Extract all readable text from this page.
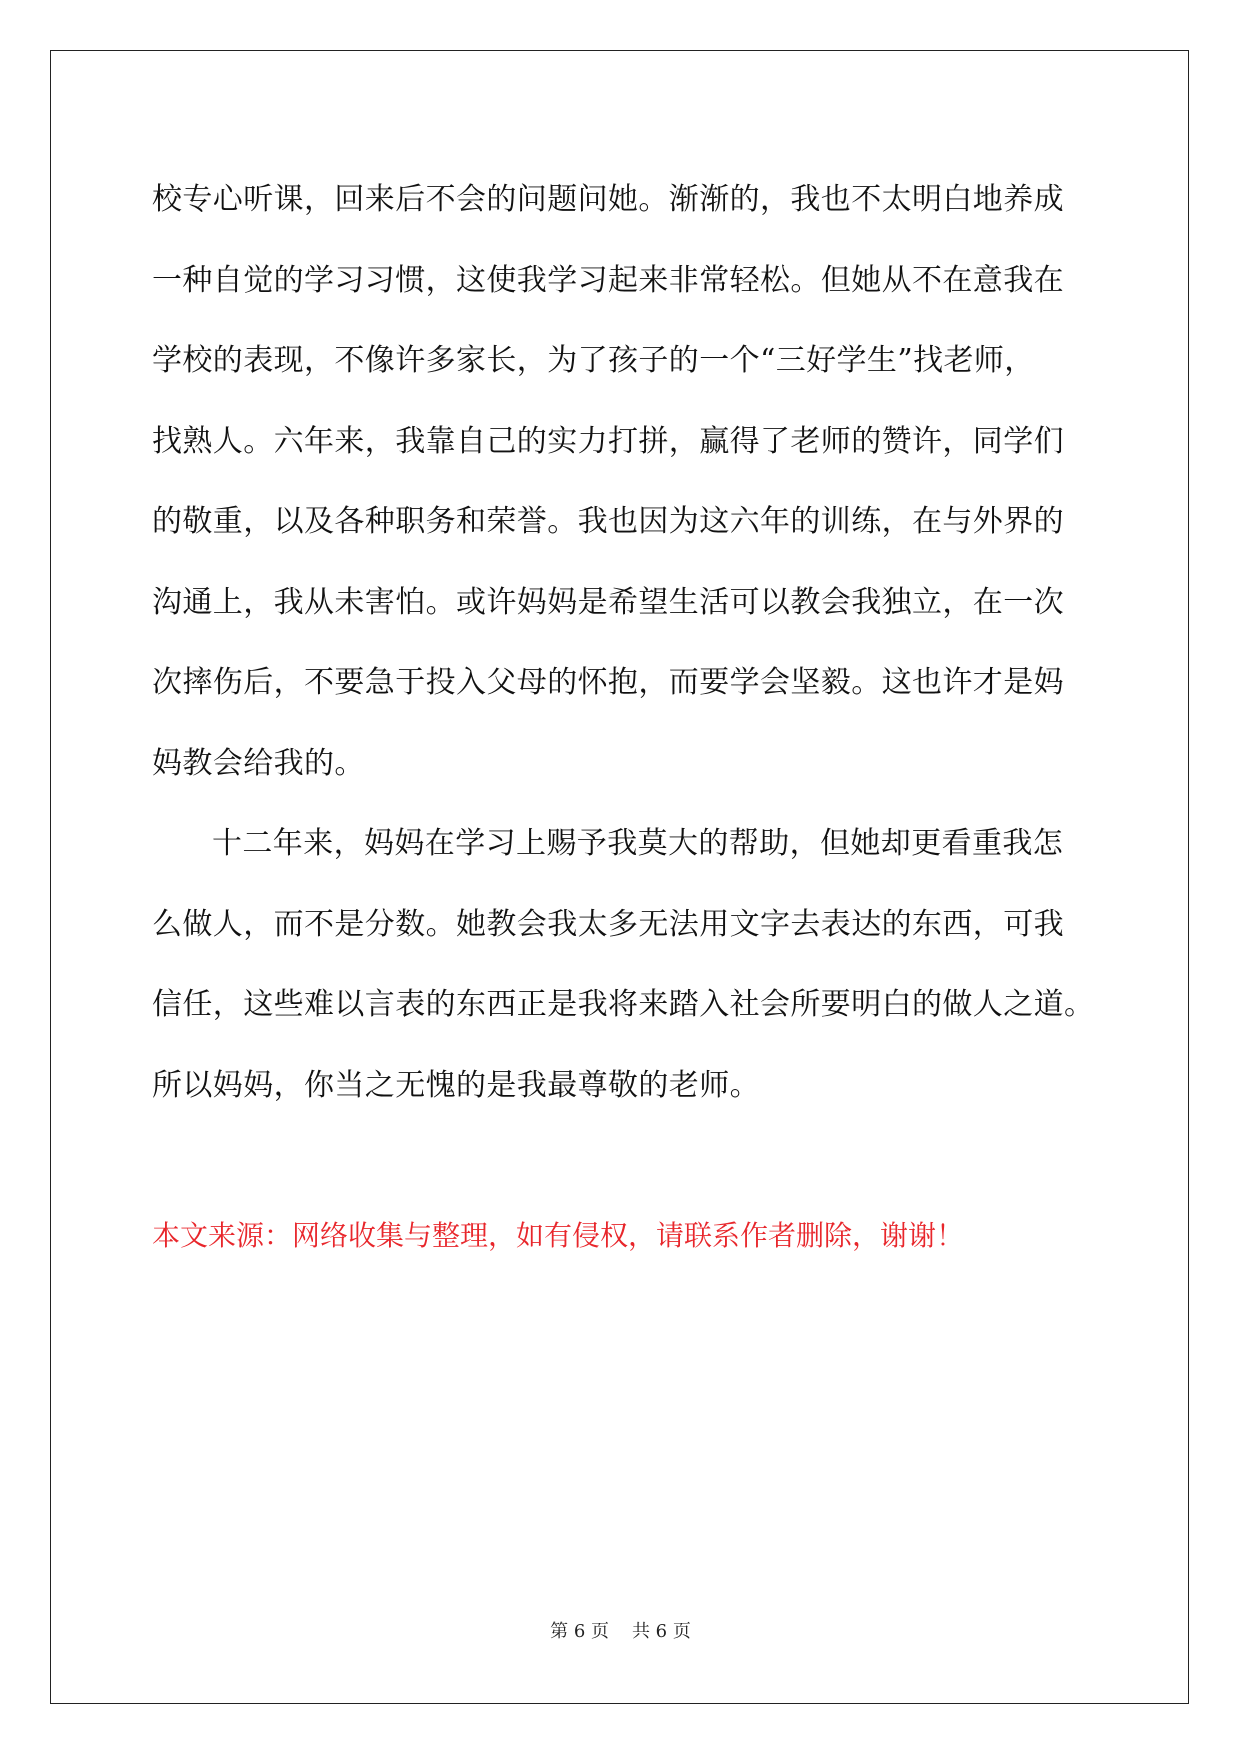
校专心听课，回来后不会的问题问她。渐渐的，我也不太明白地养成
一种自觉的学习习惯，这使我学习起来非常轻松。但她从不在意我在
学校的表现，不像许多家长，为了孩子的一个“三好学生”找老师，
找熟人。六年来，我靠自己的实力打拼，赢得了老师的赞许，同学们
的敬重，以及各种职务和荣誉。我也因为这六年的训练，在与外界的
沟通上，我从未害怕。或许妈妈是希望生活可以教会我独立，在一次
次摔伤后，不要急于投入父母的怀抱，而要学会坚毅。这也许才是妈
妈教会给我的。
十二年来，妈妈在学习上赐予我莫大的帮助，但她却更看重我怎
么做人，而不是分数。她教会我太多无法用文字去表达的东西，可我
信任，这些难以言表的东西正是我将来踏入社会所要明白的做人之道。
所以妈妈，你当之无愧的是我最尊敬的老师。
本文来源：网络收集与整理，如有侵权，请联系作者删除，谢谢！
第 6 页 共 6 页
